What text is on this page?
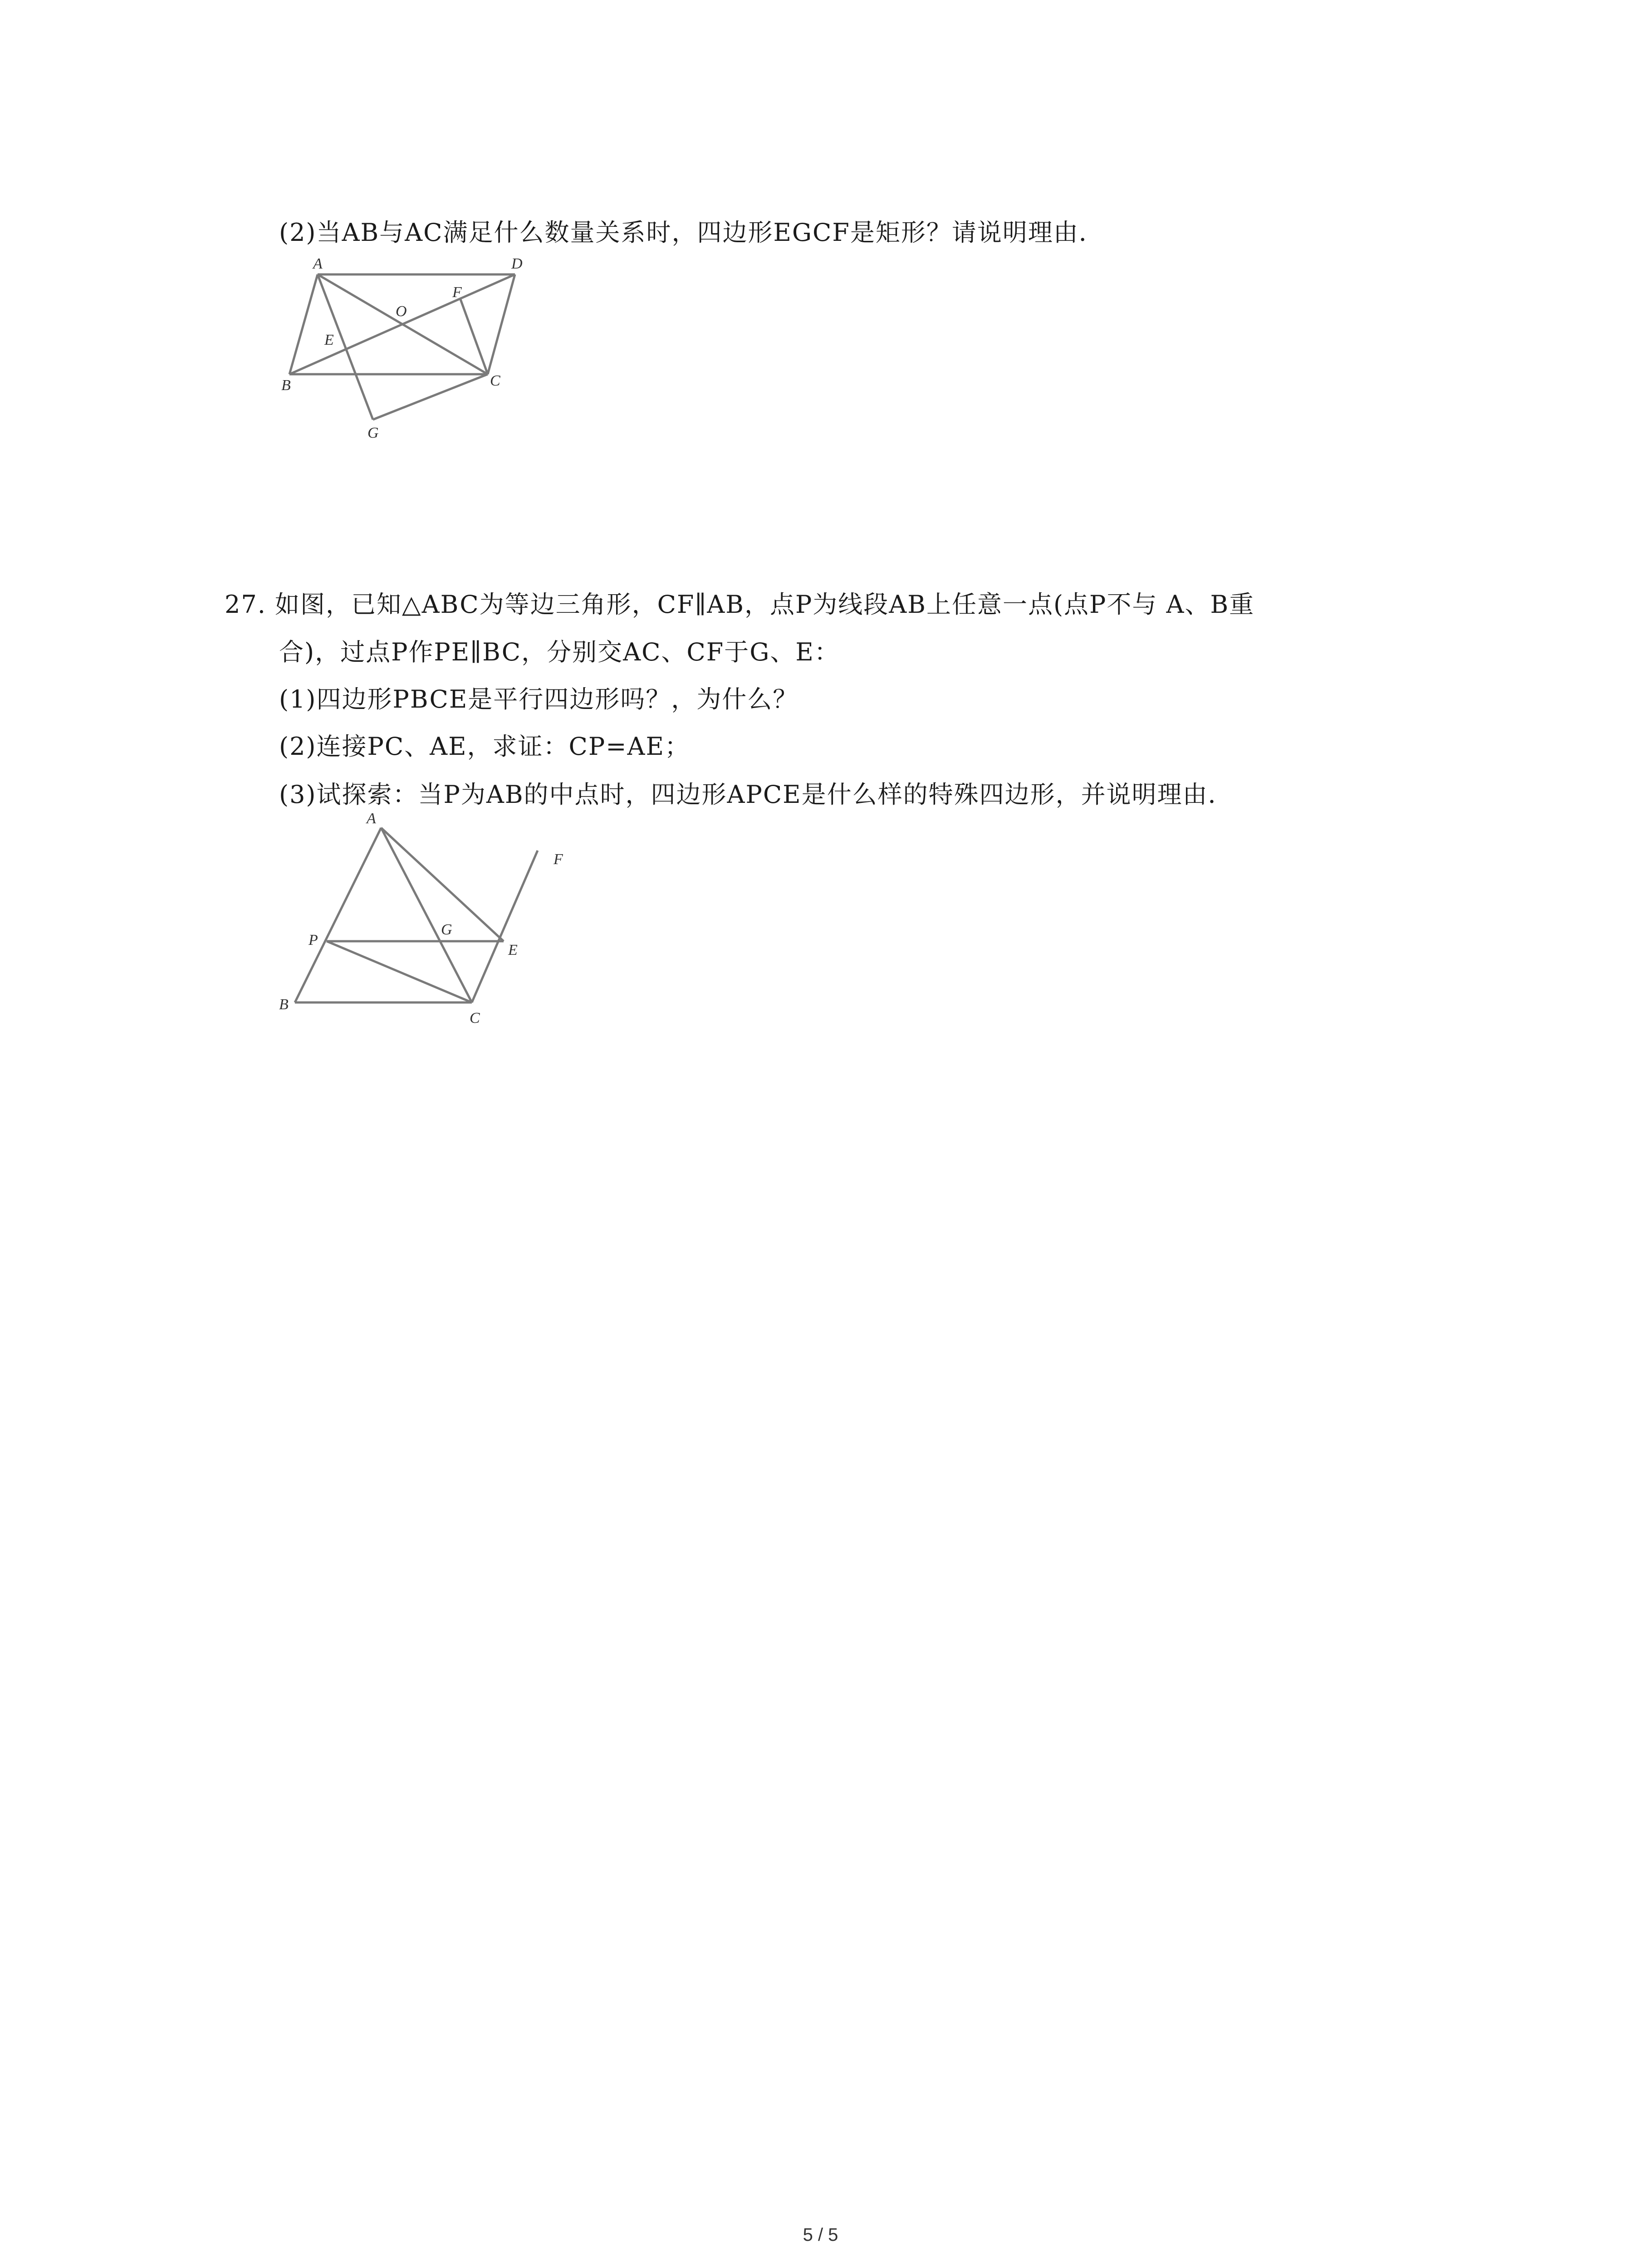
(2)当AB与AC满足什么数量关系时，四边形EGCF是矩形？请说明理由．
A	D
O
F
E
B	C
G
27. 如图，已知△ABC为等边三角形，CF∥AB，点P为线段AB上任意一点(点P不与 A、B重
合)，过点P作PE∥BC，分别交AC、CF于G、E：
(1)四边形PBCE是平行四边形吗？，为什么？
(2)连接PC、AE，求证：CP=AE；
(3)试探索：当P为AB的中点时，四边形APCE是什么样的特殊四边形，并说明理由．
A
F
P
G
E
B
C
5 / 5
